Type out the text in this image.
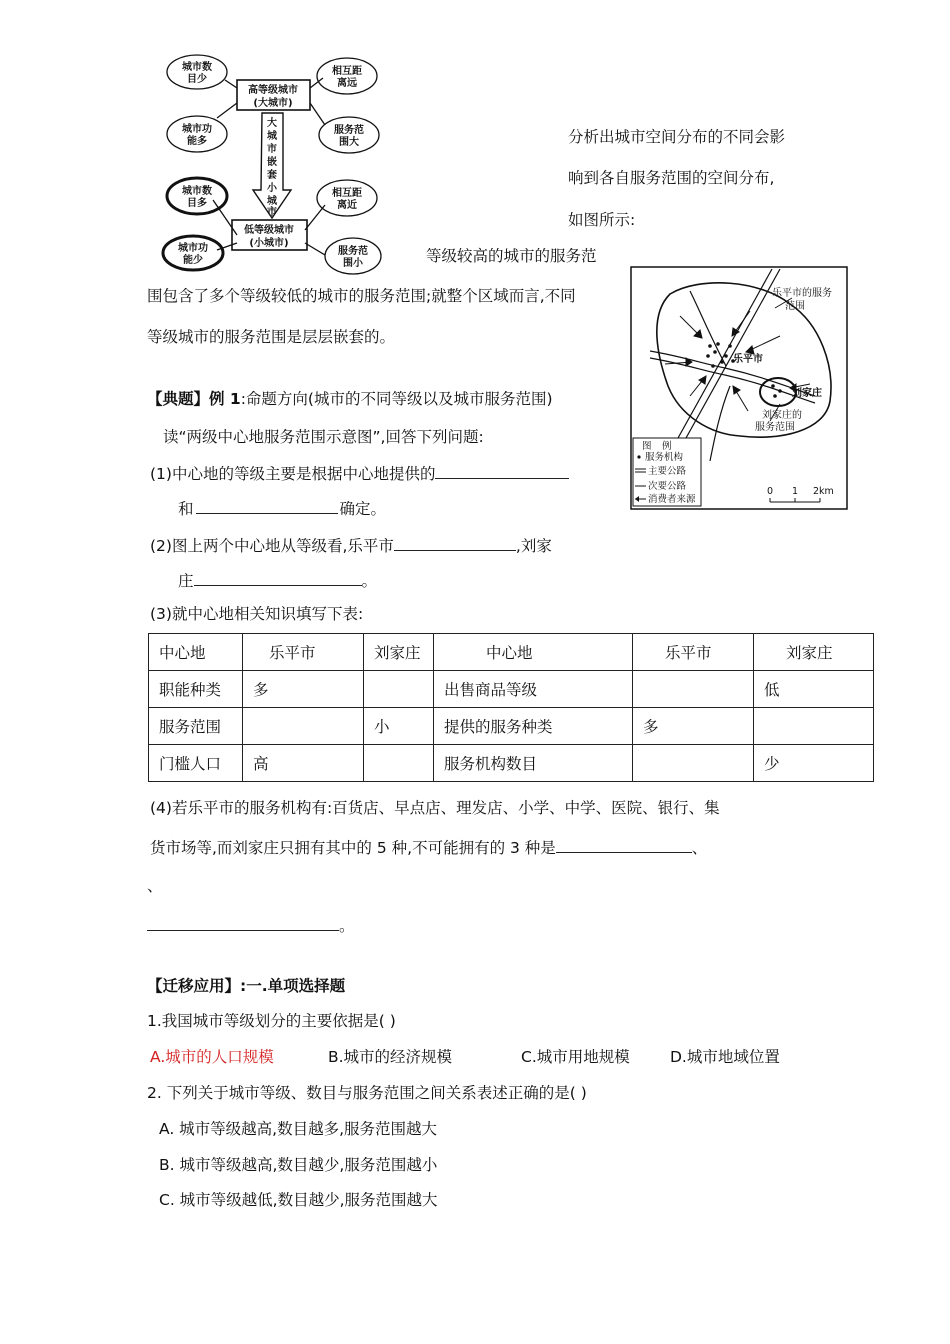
高等级城市
(大城市)
低等级城市
(小城市)
大
城
市
嵌
套
小
城
市
城市数
目少
城市功
能多
相互距
离远
服务范
围大
城市数
目多
城市功
能少
相互距
离近
服务范
围小
分析出城市空间分布的不同会影
响到各自服务范围的空间分布,
如图所示:
等级较高的城市的服务范
围包含了多个等级较低的城市的服务范围;就整个区域而言,不同
等级城市的服务范围是层层嵌套的。
乐平市的服务
范围
乐平市
刘家庄
刘家庄的
服务范围
图 例
服务机构
主要公路
次要公路
消费者来源
0 1 2km
【典题】例 1:命题方向(城市的不同等级以及城市服务范围)
读“两级中心地服务范围示意图”,回答下列问题:
(1)中心地的等级主要是根据中心地提供的
和	确定。
(2)图上两个中心地从等级看,乐平市	,刘家
庄	。
(3)就中心地相关知识填写下表:
中心地	乐平市	刘家庄	中心地	乐平市	刘家庄
职能种类	多		出售商品等级		低
服务范围		小	提供的服务种类	多	
门槛人口	高		服务机构数目		少
(4)若乐平市的服务机构有:百货店、早点店、理发店、小学、中学、医院、银行、集
货市场等,而刘家庄只拥有其中的 5 种,不可能拥有的 3 种是	、
、
。
【迁移应用】:一.单项选择题
1.我国城市等级划分的主要依据是( )
A.城市的人口规模	B.城市的经济规模	C.城市用地规模	D.城市地域位置
2. 下列关于城市等级、数目与服务范围之间关系表述正确的是( )
A. 城市等级越高,数目越多,服务范围越大
B. 城市等级越高,数目越少,服务范围越小
C. 城市等级越低,数目越少,服务范围越大
